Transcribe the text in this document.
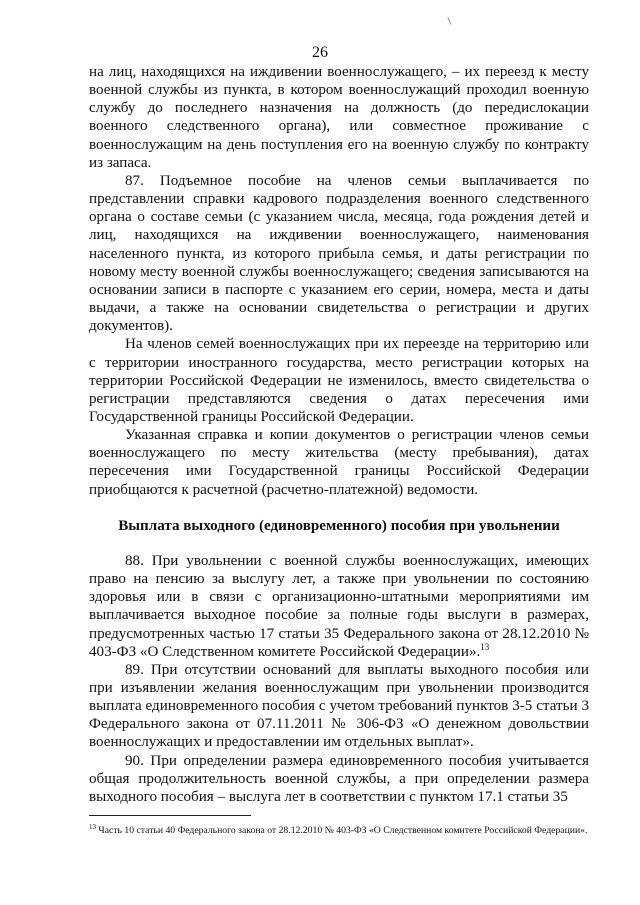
26

на лиц, находящихся на иждивении военнослужащего, – их переезд к месту военной службы из пункта, в котором военнослужащий проходил военную службу до последнего назначения на должность (до передислокации военного следственного органа), или совместное проживание с военнослужащим на день поступления его на военную службу по контракту из запаса.

87. Подъемное пособие на членов семьи выплачивается по представлении справки кадрового подразделения военного следственного органа о составе семьи (с указанием числа, месяца, года рождения детей и лиц, находящихся на иждивении военнослужащего, наименования населенного пункта, из которого прибыла семья, и даты регистрации по новому месту военной службы военнослужащего; сведения записываются на основании записи в паспорте с указанием его серии, номера, места и даты выдачи, а также на основании свидетельства о регистрации и других документов).

На членов семей военнослужащих при их переезде на территорию или с территории иностранного государства, место регистрации которых на территории Российской Федерации не изменилось, вместо свидетельства о регистрации представляются сведения о датах пересечения ими Государственной границы Российской Федерации.

Указанная справка и копии документов о регистрации членов семьи военнослужащего по месту жительства (месту пребывания), датах пересечения ими Государственной границы Российской Федерации приобщаются к расчетной (расчетно-платежной) ведомости.

Выплата выходного (единовременного) пособия при увольнении

88. При увольнении с военной службы военнослужащих, имеющих право на пенсию за выслугу лет, а также при увольнении по состоянию здоровья или в связи с организационно-штатными мероприятиями им выплачивается выходное пособие за полные годы выслуги в размерах, предусмотренных частью 17 статьи 35 Федерального закона от 28.12.2010 № 403-ФЗ «О Следственном комитете Российской Федерации».$^{13}$

89. При отсутствии оснований для выплаты выходного пособия или при изъявлении желания военнослужащим при увольнении производится выплата единовременного пособия с учетом требований пунктов 3-5 статьи 3 Федерального закона от 07.11.2011 № 306-ФЗ «О денежном довольствии военнослужащих и предоставлении им отдельных выплат».

90. При определении размера единовременного пособия учитывается общая продолжительность военной службы, а при определении размера выходного пособия – выслуга лет в соответствии с пунктом 17.1 статьи 35

$^{13}$ Часть 10 статьи 40 Федерального закона от 28.12.2010 № 403-ФЗ «О Следственном комитете Российской Федерации».
